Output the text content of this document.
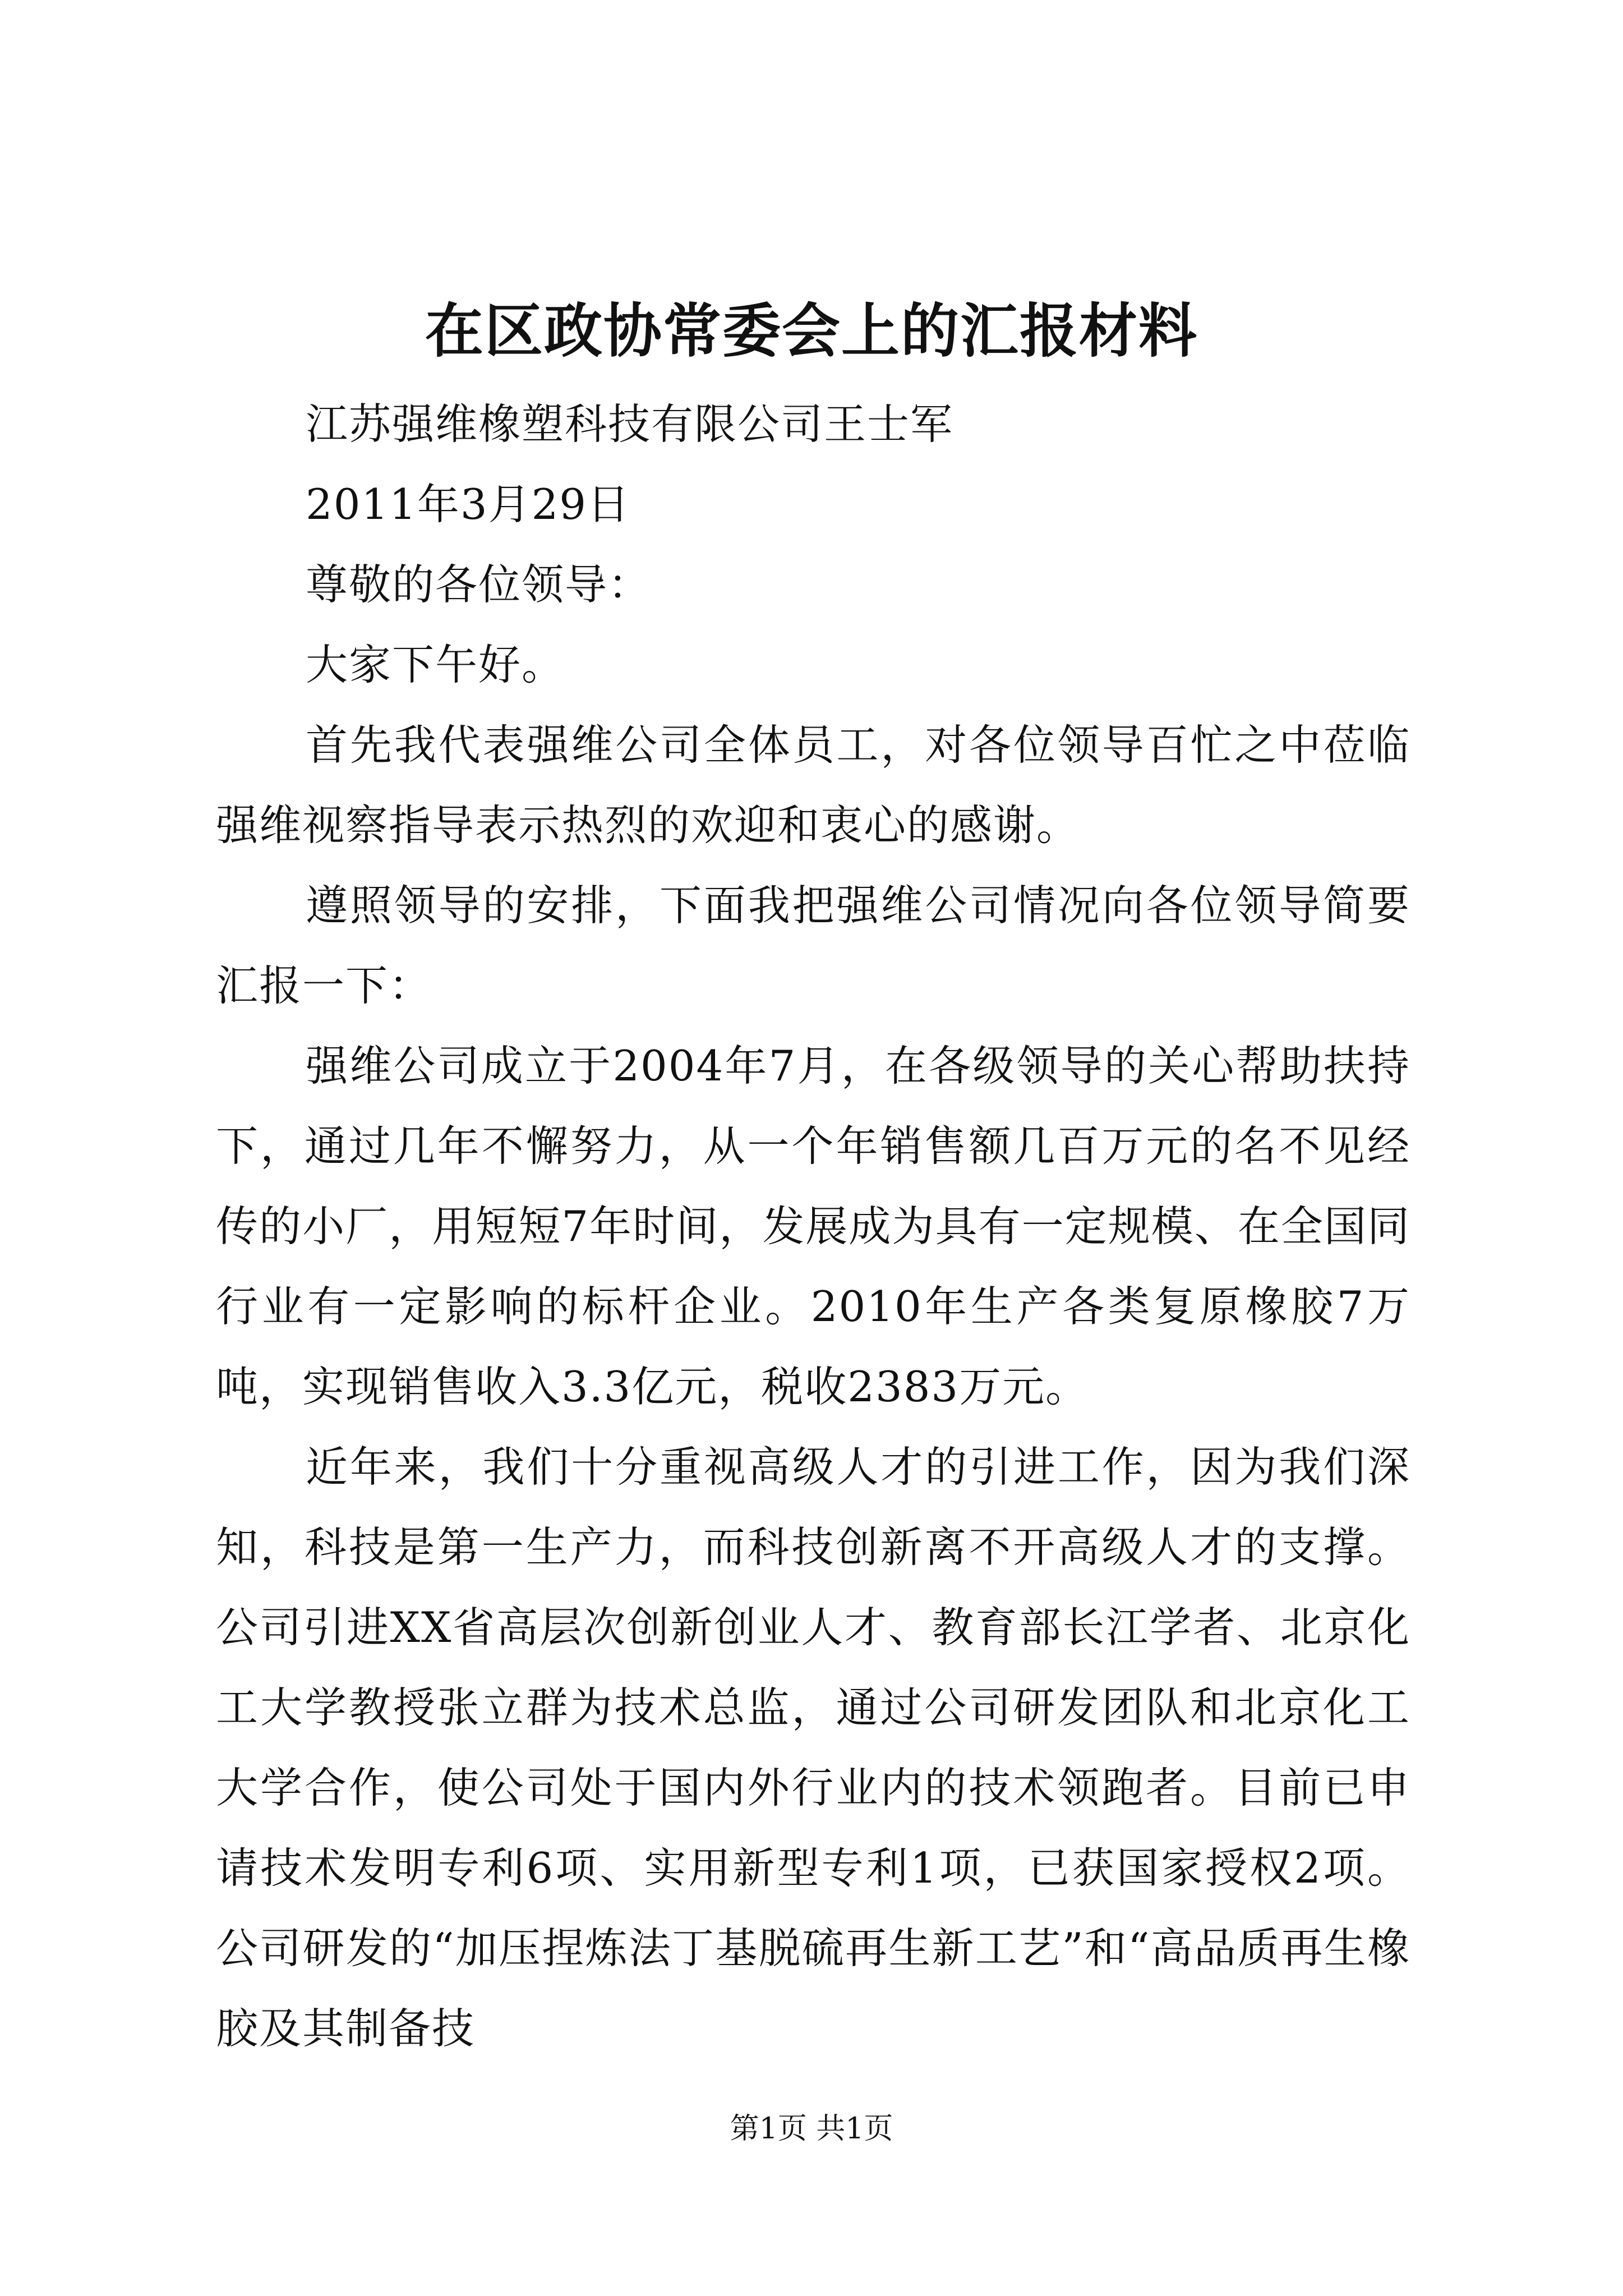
在区政协常委会上的汇报材料

江苏强维橡塑科技有限公司王士军

2011年3月29日

尊敬的各位领导：

大家下午好。

首先我代表强维公司全体员工，对各位领导百忙之中莅临强维视察指导表示热烈的欢迎和衷心的感谢。

遵照领导的安排，下面我把强维公司情况向各位领导简要汇报一下：

强维公司成立于2004年7月，在各级领导的关心帮助扶持下，通过几年不懈努力，从一个年销售额几百万元的名不见经传的小厂，用短短7年时间，发展成为具有一定规模、在全国同行业有一定影响的标杆企业。2010年生产各类复原橡胶7万吨，实现销售收入3.3亿元，税收2383万元。

近年来，我们十分重视高级人才的引进工作，因为我们深知，科技是第一生产力，而科技创新离不开高级人才的支撑。公司引进XX省高层次创新创业人才、教育部长江学者、北京化工大学教授张立群为技术总监，通过公司研发团队和北京化工大学合作，使公司处于国内外行业内的技术领跑者。目前已申请技术发明专利6项、实用新型专利1项，已获国家授权2项。公司研发的“加压捏炼法丁基脱硫再生新工艺”和“高品质再生橡胶及其制备技

第1页 共1页
